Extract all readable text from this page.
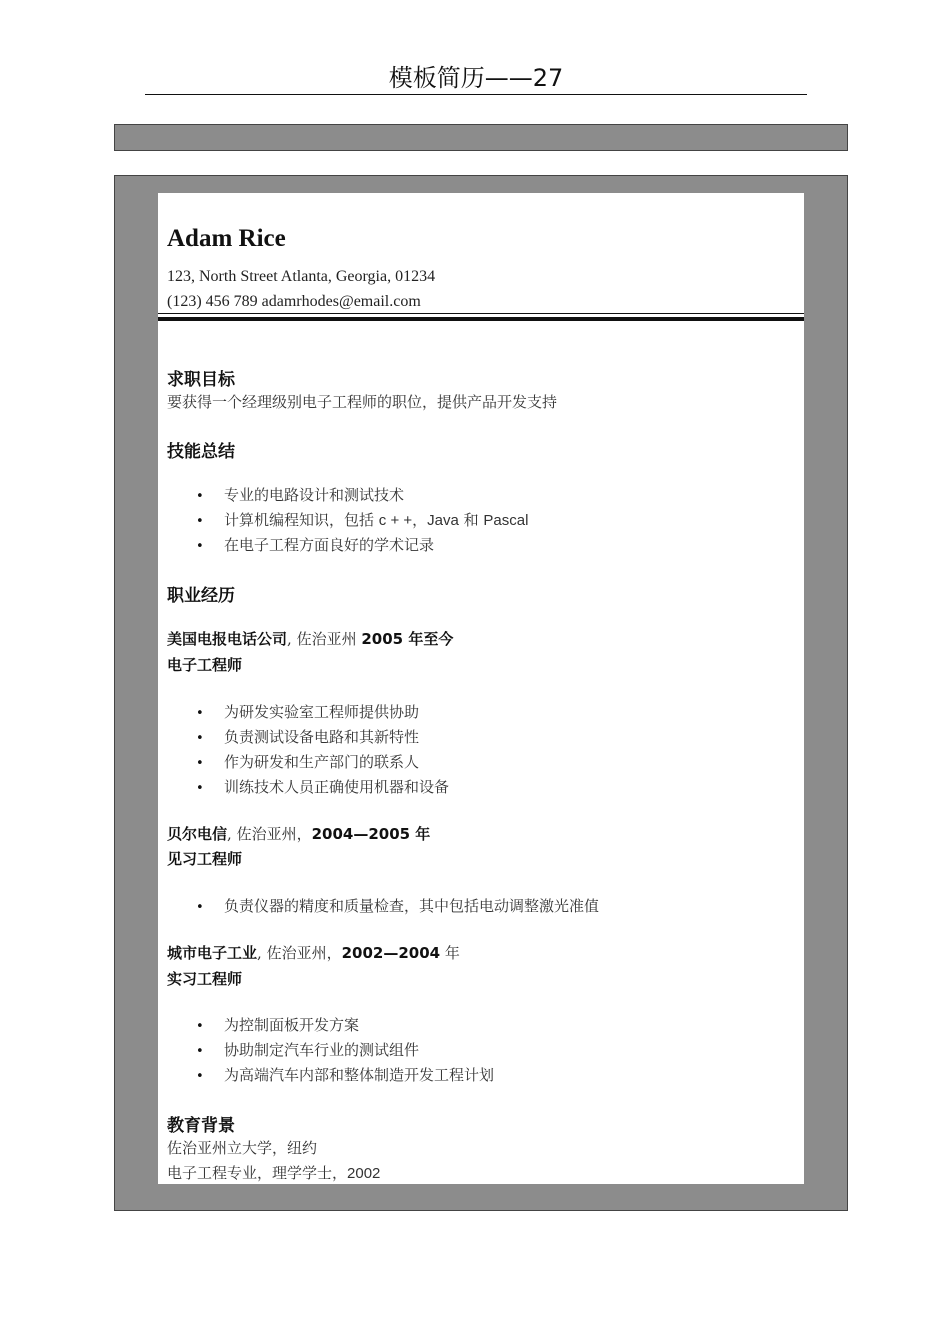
模板简历——27
Adam Rice
123, North Street Atlanta, Georgia, 01234
(123) 456 789 adamrhodes@email.com
求职目标
要获得一个经理级别电子工程师的职位，提供产品开发支持
技能总结
• 专业的电路设计和测试技术
• 计算机编程知识，包括 c + +，Java 和 Pascal
• 在电子工程方面良好的学术记录
职业经历
美国电报电话公司, 佐治亚州 2005 年至今
电子工程师
• 为研发实验室工程师提供协助
• 负责测试设备电路和其新特性
• 作为研发和生产部门的联系人
• 训练技术人员正确使用机器和设备
贝尔电信, 佐治亚州，2004—2005 年
见习工程师
• 负责仪器的精度和质量检查，其中包括电动调整激光准值
城市电子工业, 佐治亚州，2002—2004 年
实习工程师
• 为控制面板开发方案
• 协助制定汽车行业的测试组件
• 为高端汽车内部和整体制造开发工程计划
教育背景
佐治亚州立大学，纽约
电子工程专业，理学学士，2002
